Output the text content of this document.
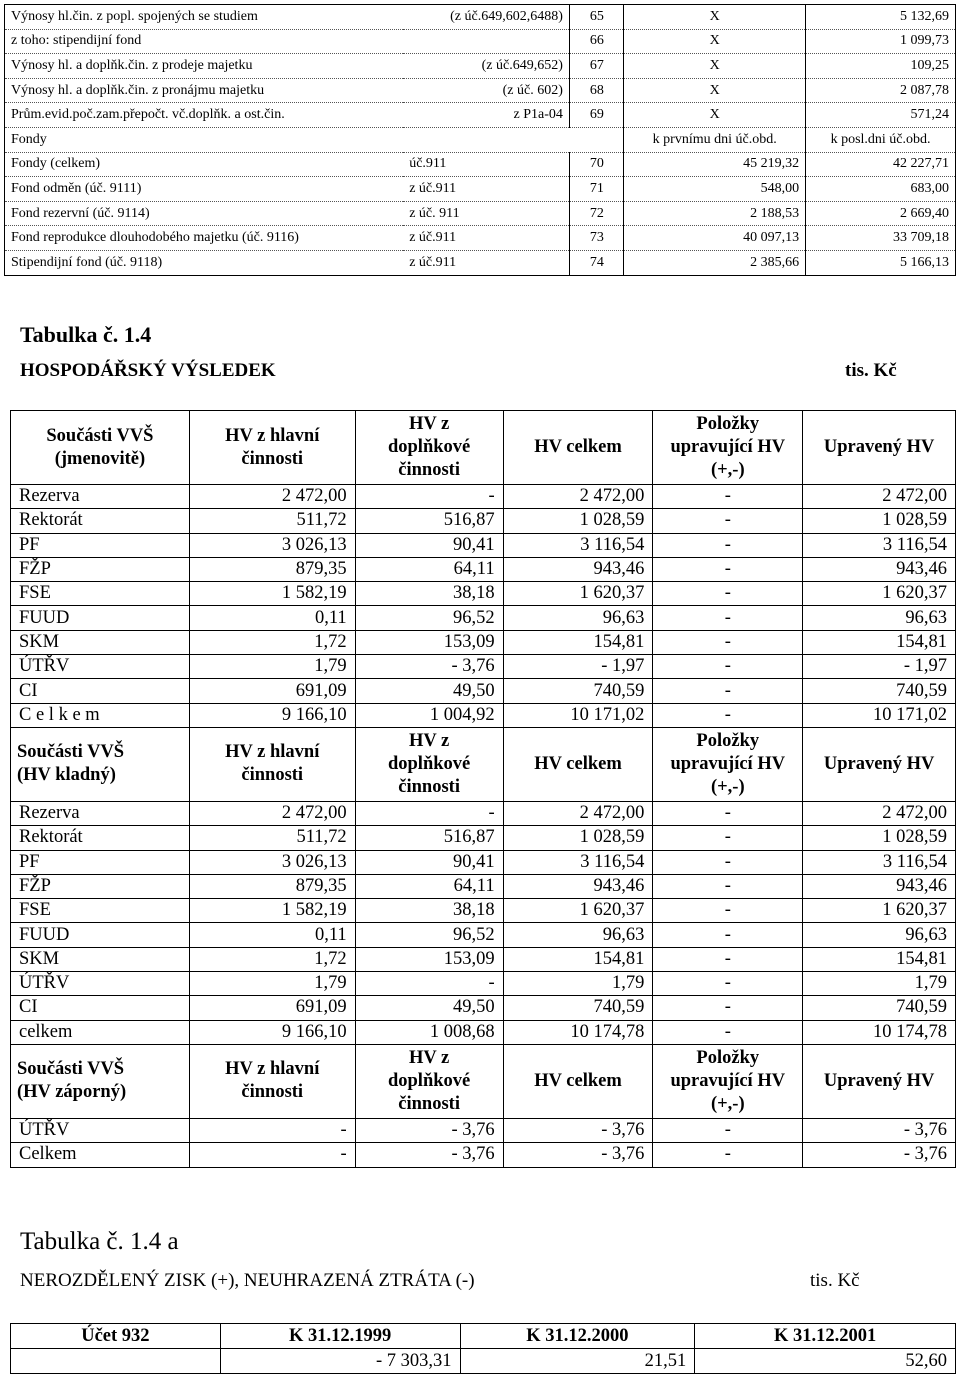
Výnosy hl.čin. z popl. spojených se studiem	(z úč.649,602,6488)	65	X	5 132,69
z toho: stipendijní fond		66	X	1 099,73
Výnosy hl. a doplňk.čin. z prodeje majetku	(z úč.649,652)	67	X	109,25
Výnosy hl. a doplňk.čin. z pronájmu majetku	(z úč. 602)	68	X	2 087,78
Prům.evid.poč.zam.přepočt. vč.doplňk. a ost.čin.	z P1a-04	69	X	571,24
Fondy			k prvnímu dni úč.obd.	k posl.dni úč.obd.
Fondy (celkem)	úč.911	70	45 219,32	42 227,71
Fond odměn (úč. 9111)	z úč.911	71	548,00	683,00
Fond rezervní (úč. 9114)	z úč. 911	72	2 188,53	2 669,40
Fond reprodukce dlouhodobého majetku (úč. 9116)	z úč.911	73	40 097,13	33 709,18
Stipendijní fond (úč. 9118)	z úč.911	74	2 385,66	5 166,13
Tabulka č. 1.4
HOSPODÁŘSKÝ VÝSLEDEK	tis. Kč
Součásti VVŠ (jmenovitě)	HV z hlavní činnosti	HV z doplňkové činnosti	HV celkem	Položky upravující HV (+,-)	Upravený HV
Rezerva	2 472,00	-	2 472,00	-	2 472,00
Rektorát	511,72	516,87	1 028,59	-	1 028,59
PF	3 026,13	90,41	3 116,54	-	3 116,54
FŽP	879,35	64,11	943,46	-	943,46
FSE	1 582,19	38,18	1 620,37	-	1 620,37
FUUD	0,11	96,52	96,63	-	96,63
SKM	1,72	153,09	154,81	-	154,81
ÚTŘV	1,79	- 3,76	- 1,97	-	- 1,97
CI	691,09	49,50	740,59	-	740,59
C e l k e m	9 166,10	1 004,92	10 171,02	-	10 171,02
Součásti VVŠ (HV kladný)	HV z hlavní činnosti	HV z doplňkové činnosti	HV celkem	Položky upravující HV (+,-)	Upravený HV
Rezerva	2 472,00	-	2 472,00	-	2 472,00
Rektorát	511,72	516,87	1 028,59	-	1 028,59
PF	3 026,13	90,41	3 116,54	-	3 116,54
FŽP	879,35	64,11	943,46	-	943,46
FSE	1 582,19	38,18	1 620,37	-	1 620,37
FUUD	0,11	96,52	96,63	-	96,63
SKM	1,72	153,09	154,81	-	154,81
ÚTŘV	1,79	-	1,79	-	1,79
CI	691,09	49,50	740,59	-	740,59
celkem	9 166,10	1 008,68	10 174,78	-	10 174,78
Součásti VVŠ (HV záporný)	HV z hlavní činnosti	HV z doplňkové činnosti	HV celkem	Položky upravující HV (+,-)	Upravený HV
ÚTŘV	-	- 3,76	- 3,76	-	- 3,76
Celkem	-	- 3,76	- 3,76	-	- 3,76
Tabulka č. 1.4 a
NEROZDĚLENÝ ZISK (+), NEUHRAZENÁ ZTRÁTA (-)	tis. Kč
Účet 932	K 31.12.1999	K 31.12.2000	K 31.12.2001
	- 7 303,31	21,51	52,60
